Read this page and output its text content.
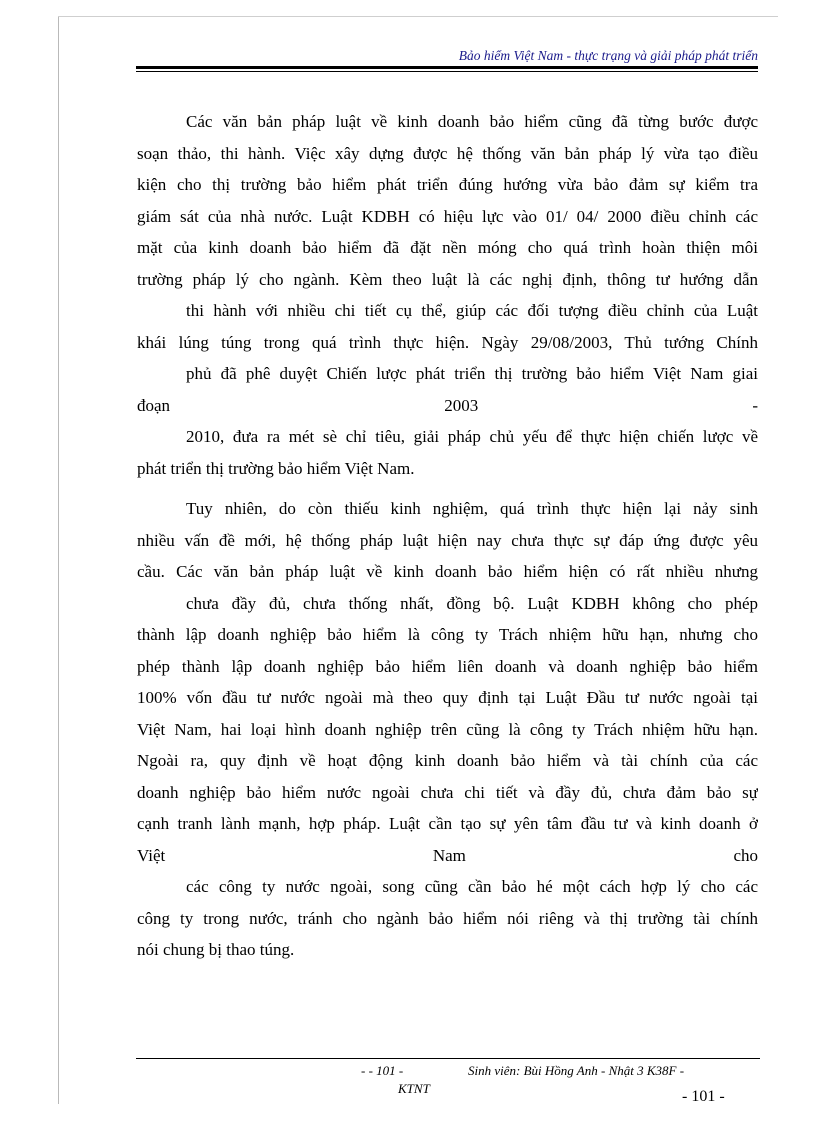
Bảo hiểm Việt Nam - thực trạng và giải pháp phát triển
Các văn bản pháp luật về kinh doanh bảo hiểm cũng đã từng bước được
soạn thảo, thi hành. Việc xây dựng được hệ thống văn bản pháp lý vừa tạo điều
kiện cho thị trường bảo hiểm phát triển đúng hướng vừa bảo đảm sự kiểm tra
giám sát của nhà nước. Luật KDBH có hiệu lực vào 01/ 04/ 2000 điều chỉnh các
mặt của kinh doanh bảo hiểm đã đặt nền móng cho quá trình hoàn thiện môi
trường pháp lý cho ngành. Kèm theo luật là các nghị định, thông tư hướng dẫn
thi hành với nhiều chi tiết cụ thể, giúp các đối tượng điều chỉnh của Luật
khái lúng túng trong quá trình thực hiện. Ngày 29/08/2003, Thủ tướng Chính
phủ đã phê duyệt Chiến lược phát triển thị trường bảo hiểm Việt Nam giai
đoạn	2003	-
2010, đưa ra mét sè chỉ tiêu, giải pháp chủ yếu để thực hiện chiến lược về
phát triển thị trường bảo hiểm Việt Nam.
Tuy nhiên, do còn thiếu kinh nghiệm, quá trình thực hiện lại nảy sinh
nhiều vấn đề mới, hệ thống pháp luật hiện nay chưa thực sự đáp ứng được yêu
cầu. Các văn bản pháp luật về kinh doanh bảo hiểm hiện có rất nhiều nhưng
chưa đầy đủ, chưa thống nhất, đồng bộ. Luật KDBH không cho phép
thành lập doanh nghiệp bảo hiểm là công ty Trách nhiệm hữu hạn, nhưng cho
phép thành lập doanh nghiệp bảo hiểm liên doanh và doanh nghiệp bảo hiểm
100% vốn đầu tư nước ngoài mà theo quy định tại Luật Đầu tư nước ngoài tại
Việt Nam, hai loại hình doanh nghiệp trên cũng là công ty Trách nhiệm hữu hạn.
Ngoài ra, quy định về hoạt động kinh doanh bảo hiểm và tài chính của các
doanh nghiệp bảo hiểm nước ngoài chưa chi tiết và đầy đủ, chưa đảm bảo sự
cạnh tranh lành mạnh, hợp pháp. Luật cần tạo sự yên tâm đầu tư và kinh doanh ở
Việt	Nam	cho
các công ty nước ngoài, song cũng cần bảo hé một cách hợp lý cho các
công ty trong nước, tránh cho ngành bảo hiểm nói riêng và thị trường tài chính
nói chung bị thao túng.
- - 101 -	Sinh viên: Bùi Hồng Anh - Nhật 3 K38F -
KTNT	- 101 -
